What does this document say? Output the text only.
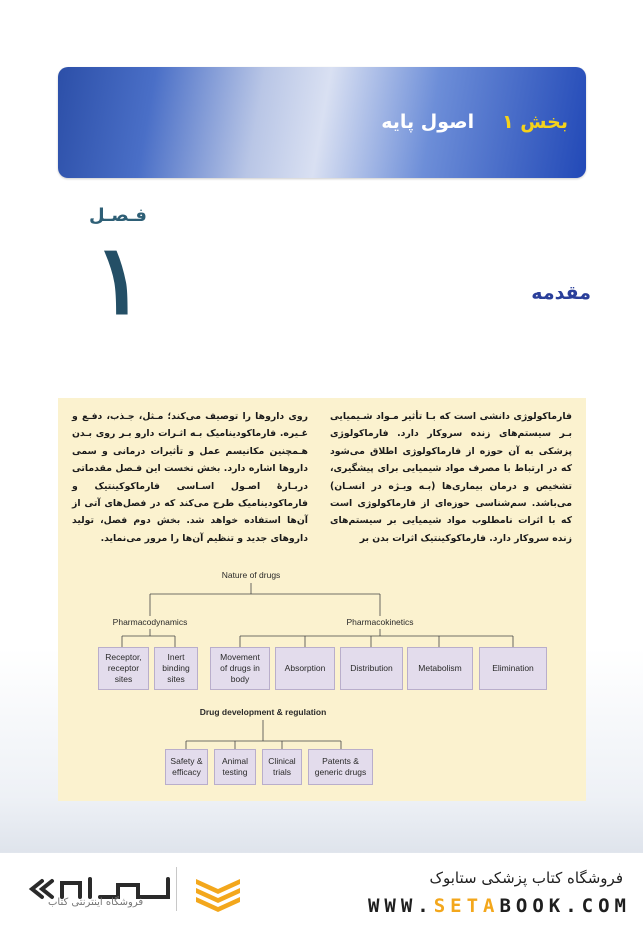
بخش ۱اصول پایه
فـصـل
۱	مقدمه
فارماکولوژی دانشی است که بـا تأثیر مـواد شـیمیایی بـر سیستم‌های زنده سروکار دارد. فارماکولوژی پزشکی به آن حوزه از فارماکولوژی اطلاق می‌شود که در ارتباط با مصرف مواد شیمیایی برای پیشگیری، تشخیص و درمان بیماری‌ها (بـه ویـژه در انسـان) می‌باشد. سم‌شناسی حوزه‌ای از فارماکولوژی است که با اثرات نامطلوب مواد شیمیایی بر سیستم‌های زنده سروکار دارد. فارماکوکینتیک اثرات بدن بر
روی داروها را توصیف می‌کند؛ مـثل، جـذب، دفـع و غـیره. فارماکودینامیک بـه اثـرات دارو بـر روی بـدن هـمچنین مکانیسم عمل و تأثیرات درمانی و سمی داروها اشاره دارد. بخش نخست این فـصل مقدماتی دربـارهٔ اصـول اسـاسی فارماکوکینتیک و فارماکودینامیک طرح می‌کند که در فصل‌های آتی از آن‌ها استفاده خواهد شد. بخش دوم فصل، تولید داروهای جدید و تنظیم آن‌ها را مرور می‌نماید.
Nature of drugs
Pharmacodynamics	Pharmacokinetics
Receptor,
receptor
sites
Inert
binding
sites
Movement
of drugs in
body
Absorption	Distribution	Metabolism	Elimination
Drug development & regulation
Safety &
efficacy
Animal
testing
Clinical
trials
Patents &
generic drugs
فروشگاه اینترنتی کتاب
فروشگاه کتاب پزشکی ستابوک
WWW.SETABOOK.COM
